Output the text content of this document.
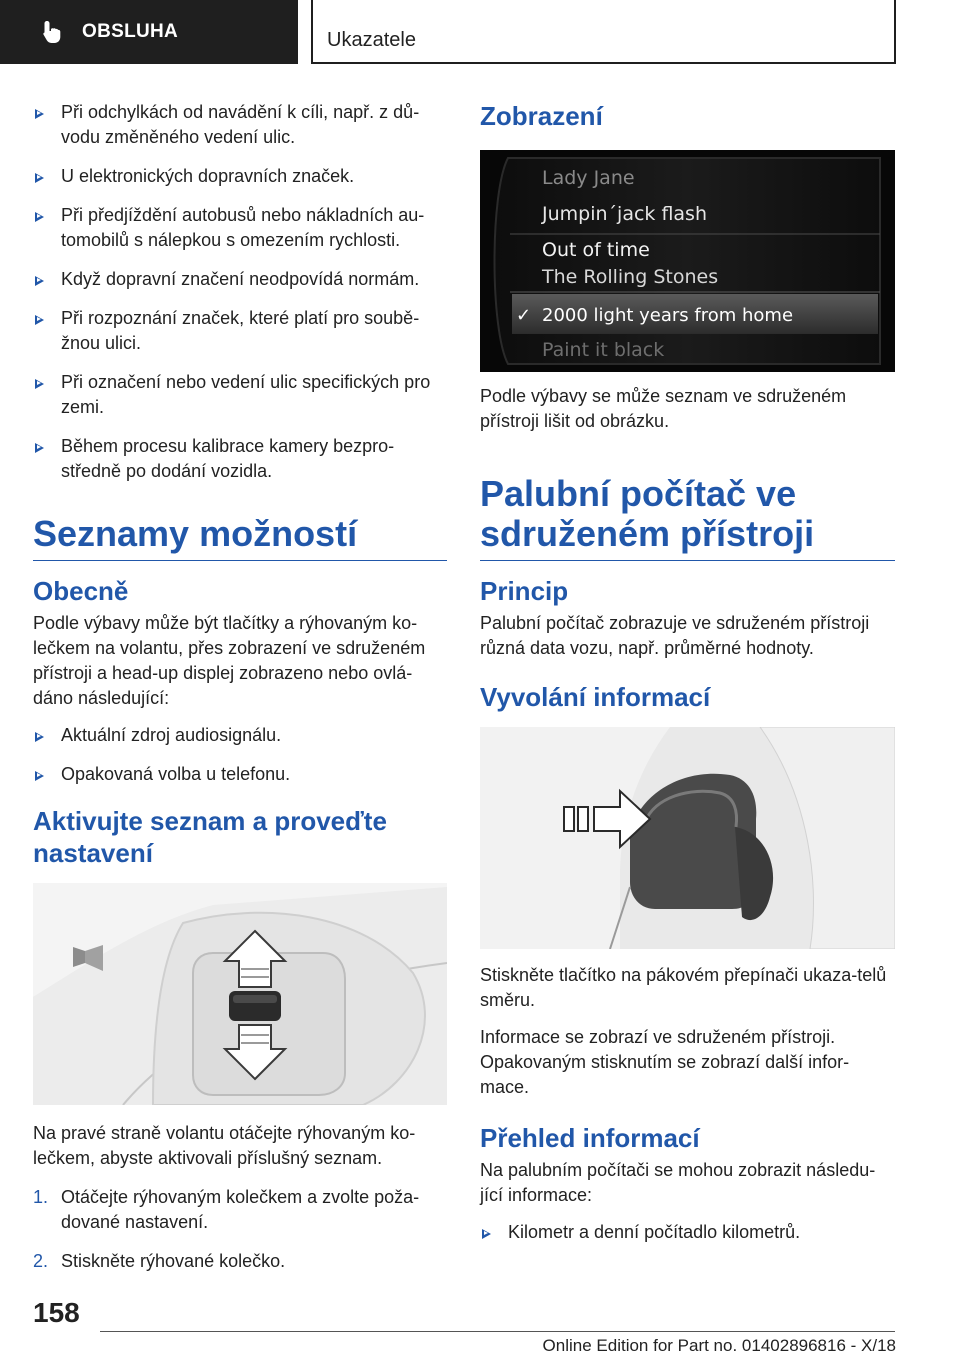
OBSLUHA	Ukazatele
Při odchylkách od navádění k cíli, např. z dů-vodu změněného vedení ulic.
U elektronických dopravních značek.
Při předjíždění autobusů nebo nákladních au-tomobilů s nálepkou s omezením rychlosti.
Když dopravní značení neodpovídá normám.
Při rozpoznání značek, které platí pro soubě-žnou ulici.
Při označení nebo vedení ulic specifických pro zemi.
Během procesu kalibrace kamery bezpro-středně po dodání vozidla.
Seznamy možností
Obecně

Podle výbavy může být tlačítky a rýhovaným ko-lečkem na volantu, přes zobrazení ve sdruženém přístroji a head-up displej zobrazeno nebo ovlá-dáno následující:

Aktuální zdroj audiosignálu.
Opakovaná volba u telefonu.
Aktivujte seznam a proveďte nastavení

Na pravé straně volantu otáčejte rýhovaným ko-lečkem, abyste aktivovali příslušný seznam.

1. Otáčejte rýhovaným kolečkem a zvolte poža-dované nastavení.
2. Stiskněte rýhované kolečko.
Zobrazení
Lady Jane
Jumpin´jack flash
Out of time
The Rolling Stones
✓ 2000 light years from home
Paint it black

Podle výbavy se může seznam ve sdruženém přístroji lišit od obrázku.

Palubní počítač ve sdruženém přístroji
Princip

Palubní počítač zobrazuje ve sdruženém přístroji různá data vozu, např. průměrné hodnoty.

Vyvolání informací

Stiskněte tlačítko na pákovém přepínači ukaza-telů směru.

Informace se zobrazí ve sdruženém přístroji. Opakovaným stisknutím se zobrazí další infor-mace.

Přehled informací

Na palubním počítači se mohou zobrazit následu-jící informace:

Kilometr a denní počítadlo kilometrů.
158
Online Edition for Part no. 01402896816 - X/18
